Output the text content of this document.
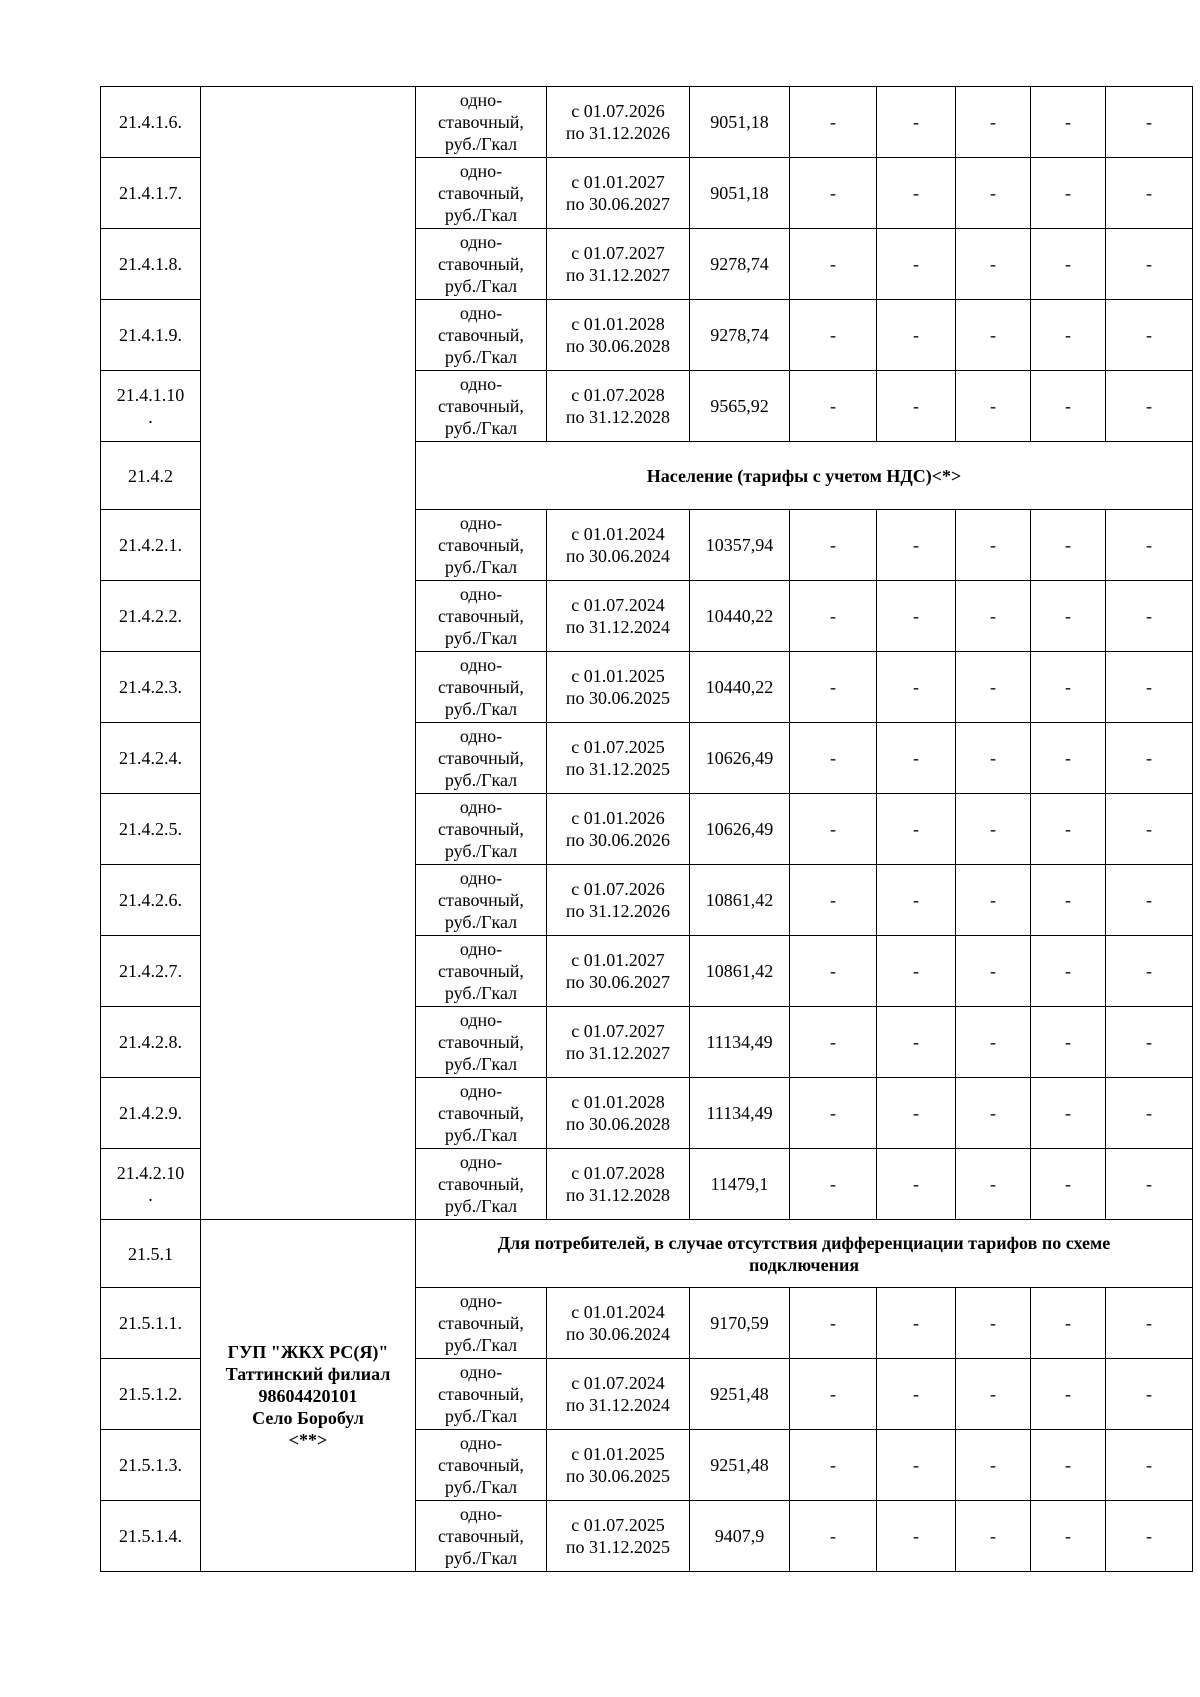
21.4.1.6.		одно-
ставочный,
руб./Гкал	с 01.07.2026
по 31.12.2026	9051,18	-	-	-	-	-
21.4.1.7.		одно-
ставочный,
руб./Гкал	с 01.01.2027
по 30.06.2027	9051,18	-	-	-	-	-
21.4.1.8.		одно-
ставочный,
руб./Гкал	с 01.07.2027
по 31.12.2027	9278,74	-	-	-	-	-
21.4.1.9.		одно-
ставочный,
руб./Гкал	с 01.01.2028
по 30.06.2028	9278,74	-	-	-	-	-
21.4.1.10
.		одно-
ставочный,
руб./Гкал	с 01.07.2028
по 31.12.2028	9565,92	-	-	-	-	-
21.4.2		Население (тарифы с учетом НДС)<*>							
21.4.2.1.		одно-
ставочный,
руб./Гкал	с 01.01.2024
по 30.06.2024	10357,94	-	-	-	-	-
21.4.2.2.		одно-
ставочный,
руб./Гкал	с 01.07.2024
по 31.12.2024	10440,22	-	-	-	-	-
21.4.2.3.		одно-
ставочный,
руб./Гкал	с 01.01.2025
по 30.06.2025	10440,22	-	-	-	-	-
21.4.2.4.		одно-
ставочный,
руб./Гкал	с 01.07.2025
по 31.12.2025	10626,49	-	-	-	-	-
21.4.2.5.		одно-
ставочный,
руб./Гкал	с 01.01.2026
по 30.06.2026	10626,49	-	-	-	-	-
21.4.2.6.		одно-
ставочный,
руб./Гкал	с 01.07.2026
по 31.12.2026	10861,42	-	-	-	-	-
21.4.2.7.		одно-
ставочный,
руб./Гкал	с 01.01.2027
по 30.06.2027	10861,42	-	-	-	-	-
21.4.2.8.		одно-
ставочный,
руб./Гкал	с 01.07.2027
по 31.12.2027	11134,49	-	-	-	-	-
21.4.2.9.		одно-
ставочный,
руб./Гкал	с 01.01.2028
по 30.06.2028	11134,49	-	-	-	-	-
21.4.2.10
.		одно-
ставочный,
руб./Гкал	с 01.07.2028
по 31.12.2028	11479,1	-	-	-	-	-
21.5.1	ГУП "ЖКХ РС(Я)"
Таттинский филиал
98604420101
Село Боробул
<**>	Для потребителей, в случае отсутствия дифференциации тарифов по схеме подключения							
21.5.1.1.		одно-
ставочный,
руб./Гкал	с 01.01.2024
по 30.06.2024	9170,59	-	-	-	-	-
21.5.1.2.		одно-
ставочный,
руб./Гкал	с 01.07.2024
по 31.12.2024	9251,48	-	-	-	-	-
21.5.1.3.		одно-
ставочный,
руб./Гкал	с 01.01.2025
по 30.06.2025	9251,48	-	-	-	-	-
21.5.1.4.		одно-
ставочный,
руб./Гкал	с 01.07.2025
по 31.12.2025	9407,9	-	-	-	-	-
